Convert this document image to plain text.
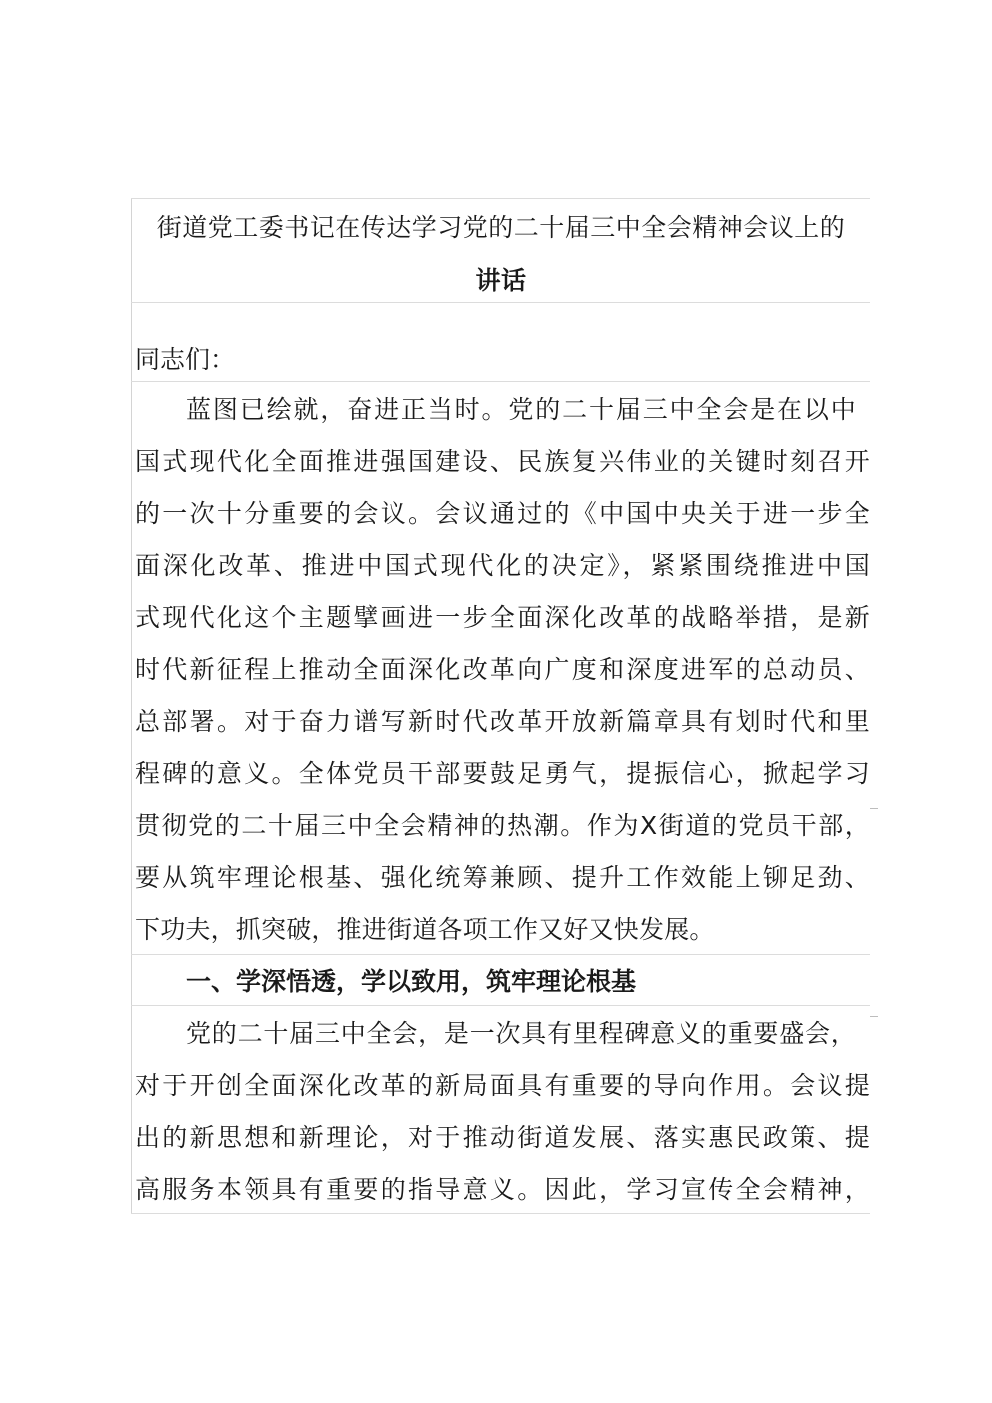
街道党工委书记在传达学习党的二十届三中全会精神会议上的
讲话
同志们：
蓝图已绘就，奋进正当时。党的二十届三中全会是在以中
国式现代化全面推进强国建设、民族复兴伟业的关键时刻召开
的一次十分重要的会议。会议通过的《中国中央关于进一步全
面深化改革、推进中国式现代化的决定》，紧紧围绕推进中国
式现代化这个主题擘画进一步全面深化改革的战略举措，是新
时代新征程上推动全面深化改革向广度和深度进军的总动员、
总部署。对于奋力谱写新时代改革开放新篇章具有划时代和里
程碑的意义。全体党员干部要鼓足勇气，提振信心，掀起学习
贯彻党的二十届三中全会精神的热潮。作为X街道的党员干部，
要从筑牢理论根基、强化统筹兼顾、提升工作效能上铆足劲、
下功夫，抓突破，推进街道各项工作又好又快发展。
一、学深悟透，学以致用，筑牢理论根基
党的二十届三中全会，是一次具有里程碑意义的重要盛会，
对于开创全面深化改革的新局面具有重要的导向作用。会议提
出的新思想和新理论，对于推动街道发展、落实惠民政策、提
高服务本领具有重要的指导意义。因此，学习宣传全会精神，
